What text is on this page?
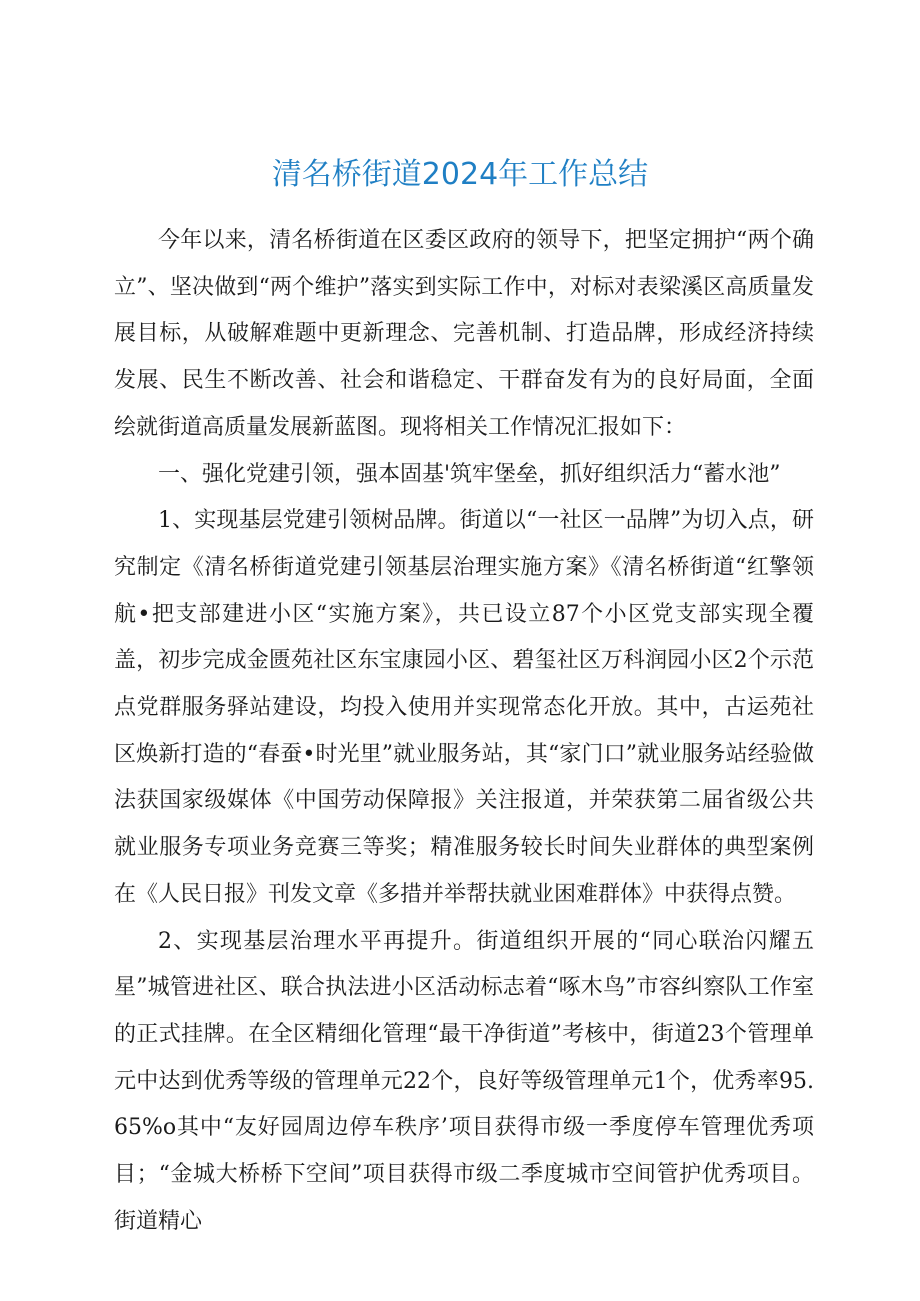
清名桥街道2024年工作总结

今年以来，清名桥街道在区委区政府的领导下，把坚定拥护“两个确立”、坚决做到“两个维护”落实到实际工作中，对标对表梁溪区高质量发展目标，从破解难题中更新理念、完善机制、打造品牌，形成经济持续发展、民生不断改善、社会和谐稳定、干群奋发有为的良好局面，全面绘就街道高质量发展新蓝图。现将相关工作情况汇报如下：

一、强化党建引领，强本固基'筑牢堡垒，抓好组织活力“蓄水池”

1、实现基层党建引领树品牌。街道以“一社区一品牌”为切入点，研究制定《清名桥街道党建引领基层治理实施方案》《清名桥街道“红擎领航•把支部建进小区“实施方案》，共已设立87个小区党支部实现全覆盖，初步完成金匮苑社区东宝康园小区、碧玺社区万科润园小区2个示范点党群服务驿站建设，均投入使用并实现常态化开放。其中，古运苑社区焕新打造的“春蚕•时光里”就业服务站，其“家门口”就业服务站经验做法获国家级媒体《中国劳动保障报》关注报道，并荣获第二届省级公共就业服务专项业务竞赛三等奖；精准服务较长时间失业群体的典型案例在《人民日报》刊发文章《多措并举帮扶就业困难群体》中获得点赞。

2、实现基层治理水平再提升。街道组织开展的“同心联治闪耀五星”城管进社区、联合执法进小区活动标志着“啄木鸟”市容纠察队工作室的正式挂牌。在全区精细化管理“最干净街道”考核中，街道23个管理单元中达到优秀等级的管理单元22个，良好等级管理单元1个，优秀率95.65%o其中“友好园周边停车秩序’项目获得市级一季度停车管理优秀项目；“金城大桥桥下空间”项目获得市级二季度城市空间管护优秀项目。街道精心
